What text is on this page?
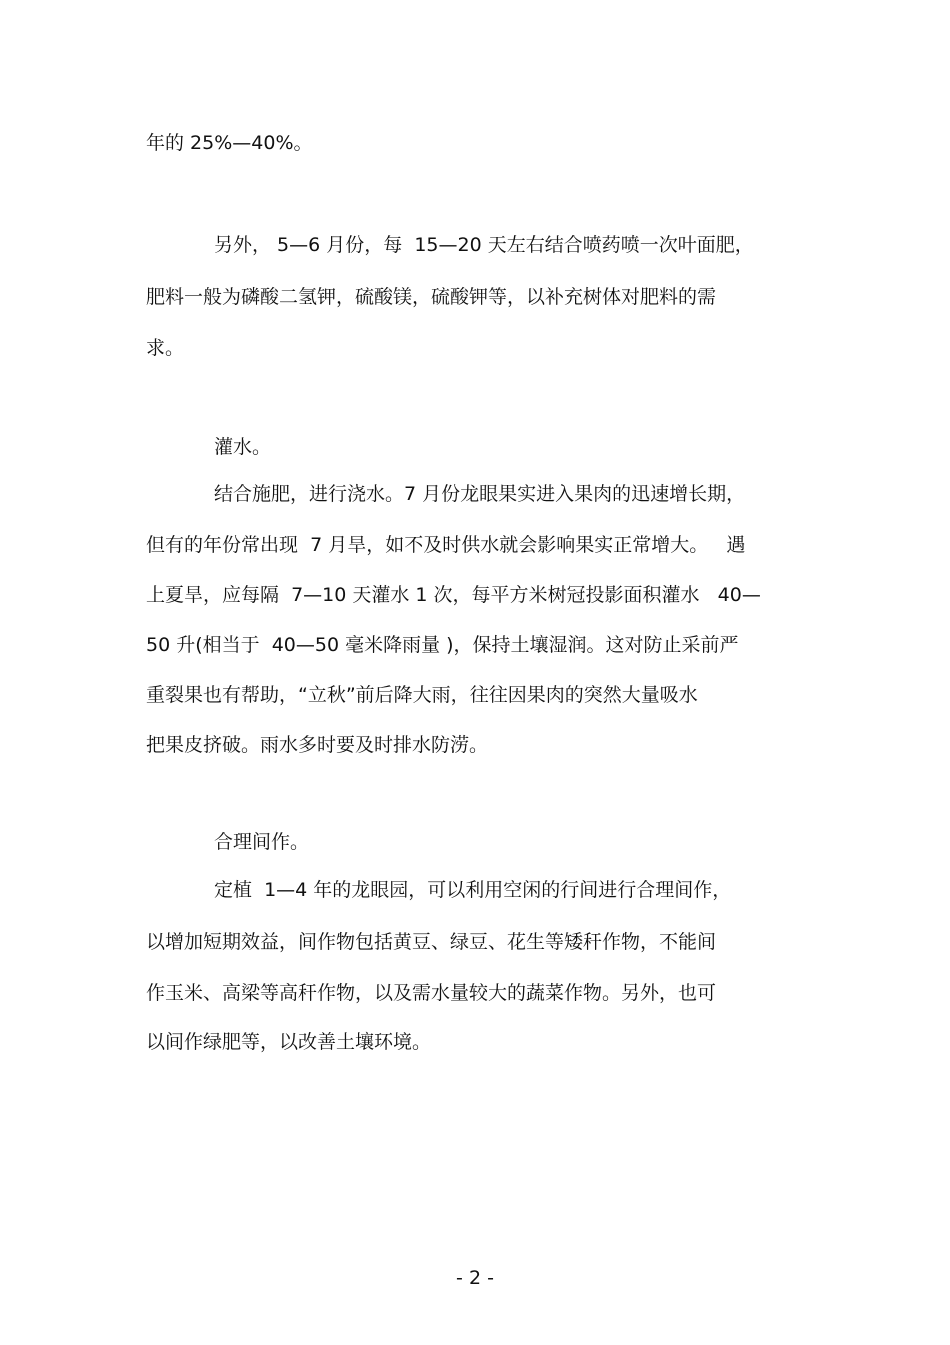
年的 25%—40%。
另外， 5—6 月份，每  15—20 天左右结合喷药喷一次叶面肥，
肥料一般为磷酸二氢钾，硫酸镁，硫酸钾等，以补充树体对肥料的需
求。
灌水。
结合施肥，进行浇水。7 月份龙眼果实进入果肉的迅速增长期，
但有的年份常出现  7 月旱，如不及时供水就会影响果实正常增大。   遇
上夏旱，应每隔  7—10 天灌水 1 次，每平方米树冠投影面积灌水   40—
50 升(相当于  40—50 毫米降雨量 )，保持土壤湿润。这对防止采前严
重裂果也有帮助，“立秋”前后降大雨，往往因果肉的突然大量吸水
把果皮挤破。雨水多时要及时排水防涝。
合理间作。
定植  1—4 年的龙眼园，可以利用空闲的行间进行合理间作，
以增加短期效益，间作物包括黄豆、绿豆、花生等矮秆作物，不能间
作玉米、高梁等高秆作物，以及需水量较大的蔬菜作物。另外，也可
以间作绿肥等，以改善土壤环境。
- 2 -
